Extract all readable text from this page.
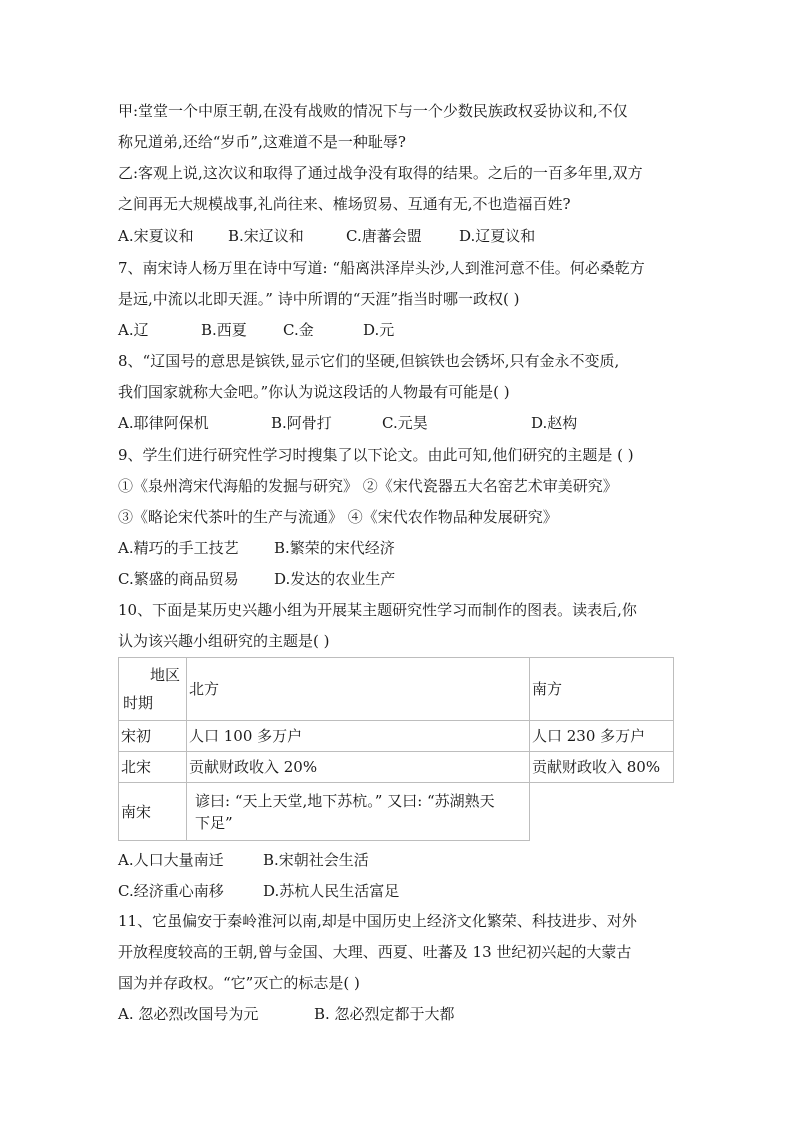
甲:堂堂一个中原王朝,在没有战败的情况下与一个少数民族政权妥协议和,不仅
称兄道弟,还给“岁币”,这难道不是一种耻辱?
乙:客观上说,这次议和取得了通过战争没有取得的结果。之后的一百多年里,双方
之间再无大规模战事,礼尚往来、榷场贸易、互通有无,不也造福百姓?
A.宋夏议和 B.宋辽议和	C.唐蕃会盟 D.辽夏议和
7、南宋诗人杨万里在诗中写道: “船离洪泽岸头沙,人到淮河意不佳。何必桑乾方
是远,中流以北即天涯。” 诗中所谓的“天涯”指当时哪一政权( )
A.辽	B.西夏 C.金	D.元
8、“辽国号的意思是镔铁,显示它们的坚硬,但镔铁也会锈坏,只有金永不变质,
我们国家就称大金吧。”你认为说这段话的人物最有可能是( )
A.耶律阿保机	B.阿骨打	C.元昊	D.赵构
9、学生们进行研究性学习时搜集了以下论文。由此可知,他们研究的主题是 ( )
①《泉州湾宋代海船的发掘与研究》 ②《宋代瓷器五大名窑艺术审美研究》
③《略论宋代茶叶的生产与流通》 ④《宋代农作物品种发展研究》
A.精巧的手工技艺 B.繁荣的宋代经济
C.繁盛的商品贸易 D.发达的农业生产
10、下面是某历史兴趣小组为开展某主题研究性学习而制作的图表。读表后,你
认为该兴趣小组研究的主题是( )
地区
时期	北方	南方
宋初	人口 100 多万户	人口 230 多万户
北宋	贡献财政收入 20%	贡献财政收入 80%
南宋	谚曰: “天上天堂,地下苏杭。” 又曰: “苏湖熟天
下足”	

A.人口大量南迁	B.宋朝社会生活
C.经济重心南移	D.苏杭人民生活富足
11、它虽偏安于秦岭淮河以南,却是中国历史上经济文化繁荣、科技进步、对外
开放程度较高的王朝,曾与金国、大理、西夏、吐蕃及 13 世纪初兴起的大蒙古
国为并存政权。“它”灭亡的标志是( )
A. 忽必烈改国号为元	B. 忽必烈定都于大都
